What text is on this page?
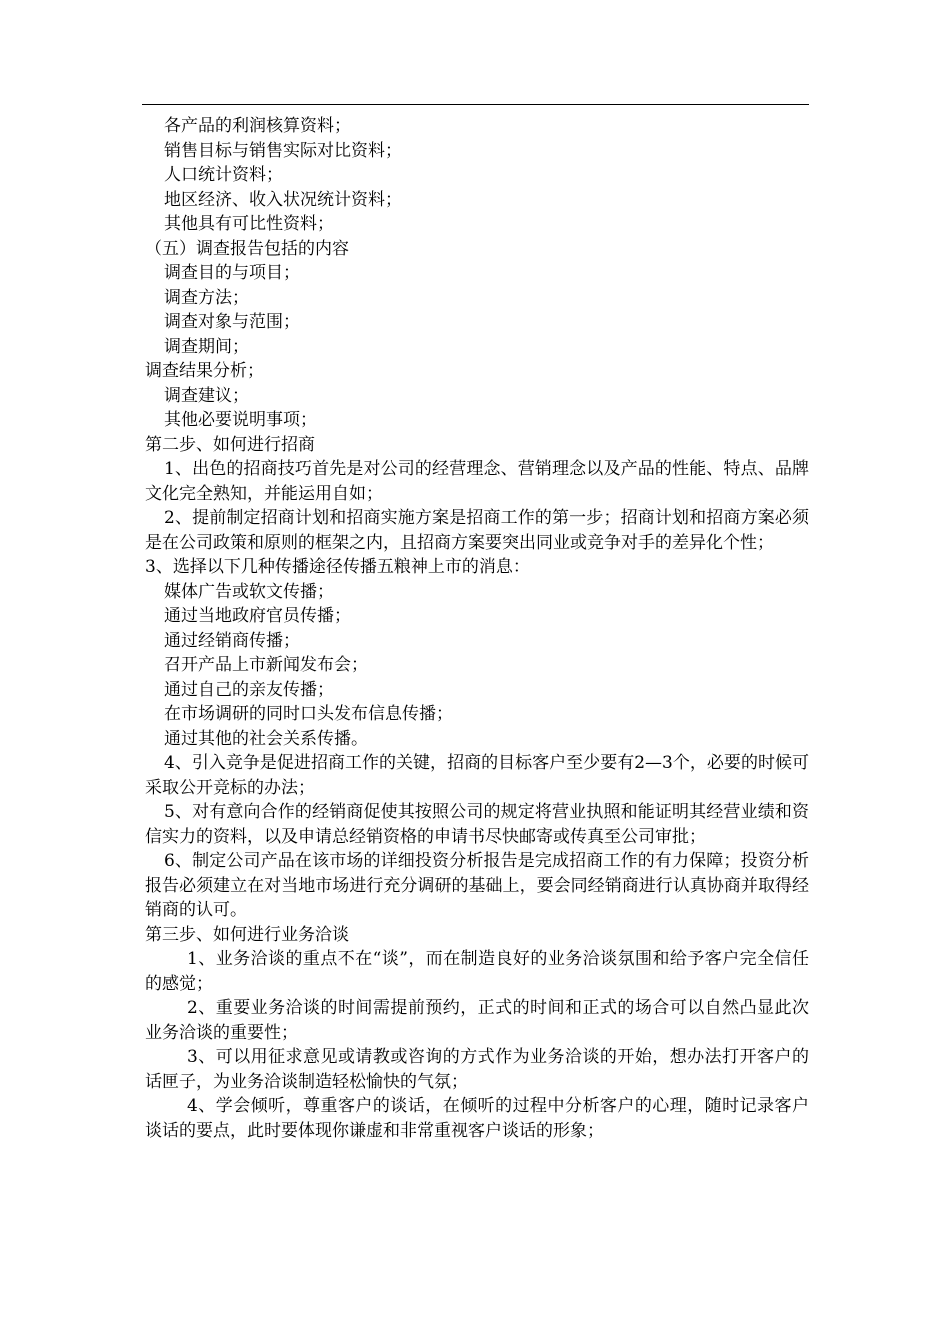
各产品的利润核算资料；

销售目标与销售实际对比资料；

人口统计资料；

地区经济、收入状况统计资料；

其他具有可比性资料；

（五）调查报告包括的内容

调查目的与项目；

调查方法；

调查对象与范围；

调查期间；

调查结果分析；

调查建议；

其他必要说明事项；

第二步、如何进行招商

1、出色的招商技巧首先是对公司的经营理念、营销理念以及产品的性能、特点、品牌文化完全熟知，并能运用自如；

2、提前制定招商计划和招商实施方案是招商工作的第一步；招商计划和招商方案必须是在公司政策和原则的框架之内，且招商方案要突出同业或竞争对手的差异化个性；

3、选择以下几种传播途径传播五粮神上市的消息：

媒体广告或软文传播；

通过当地政府官员传播；

通过经销商传播；

召开产品上市新闻发布会；

通过自己的亲友传播；

在市场调研的同时口头发布信息传播；

通过其他的社会关系传播。

4、引入竞争是促进招商工作的关键，招商的目标客户至少要有2—3个，必要的时候可采取公开竞标的办法；

5、对有意向合作的经销商促使其按照公司的规定将营业执照和能证明其经营业绩和资信实力的资料，以及申请总经销资格的申请书尽快邮寄或传真至公司审批；

6、制定公司产品在该市场的详细投资分析报告是完成招商工作的有力保障；投资分析报告必须建立在对当地市场进行充分调研的基础上，要会同经销商进行认真协商并取得经销商的认可。

第三步、如何进行业务洽谈

1、业务洽谈的重点不在“谈”，而在制造良好的业务洽谈氛围和给予客户完全信任的感觉；

2、重要业务洽谈的时间需提前预约，正式的时间和正式的场合可以自然凸显此次业务洽谈的重要性；

3、可以用征求意见或请教或咨询的方式作为业务洽谈的开始，想办法打开客户的话匣子，为业务洽谈制造轻松愉快的气氛；

4、学会倾听，尊重客户的谈话，在倾听的过程中分析客户的心理，随时记录客户谈话的要点，此时要体现你谦虚和非常重视客户谈话的形象；
